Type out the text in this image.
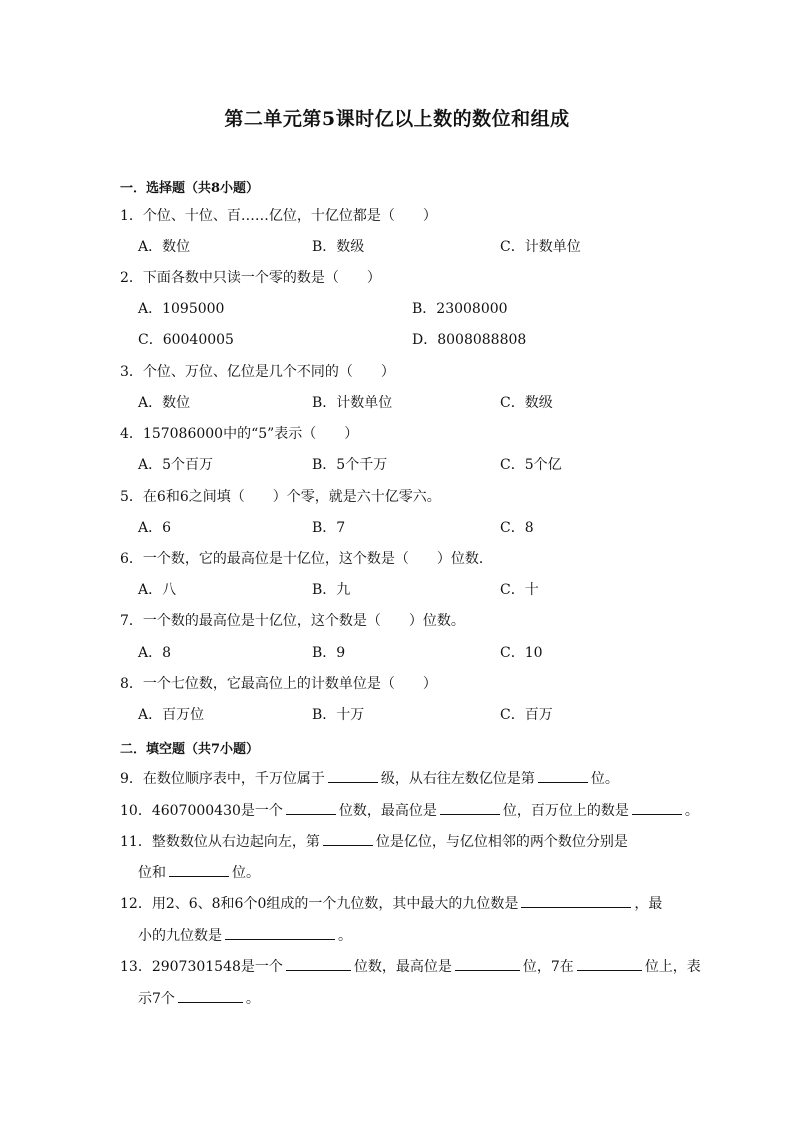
第二单元第5课时亿以上数的数位和组成
一．选择题（共8小题）
1．个位、十位、百……亿位，十亿位都是（　　）
A．数位	B．数级	C．计数单位
2．下面各数中只读一个零的数是（　　）
A．1095000	B．23008000
C．60040005	D．8008088808
3．个位、万位、亿位是几个不同的（　　）
A．数位	B．计数单位	C．数级
4．157086000中的“5”表示（　　）
A．5个百万	B．5个千万	C．5个亿
5．在6和6之间填（　　）个零，就是六十亿零六。
A．6	B．7	C．8
6．一个数，它的最高位是十亿位，这个数是（　　）位数．
A．八	B．九	C．十
7．一个数的最高位是十亿位，这个数是（　　）位数。
A．8	B．9	C．10
8．一个七位数，它最高位上的计数单位是（　　）
A．百万位	B．十万	C．百万
二．填空题（共7小题）
9．在数位顺序表中，千万位属于	级，从右往左数亿位是第	位。
10．4607000430是一个	位数，最高位是	位，百万位上的数是	。
11．整数数位从右边起向左，第	位是亿位，与亿位相邻的两个数位分别是
位和	位。
12．用2、6、8和6个0组成的一个九位数，其中最大的九位数是	，最
小的九位数是	。
13．2907301548是一个	位数，最高位是	位，7在	位上，表
示7个	。
